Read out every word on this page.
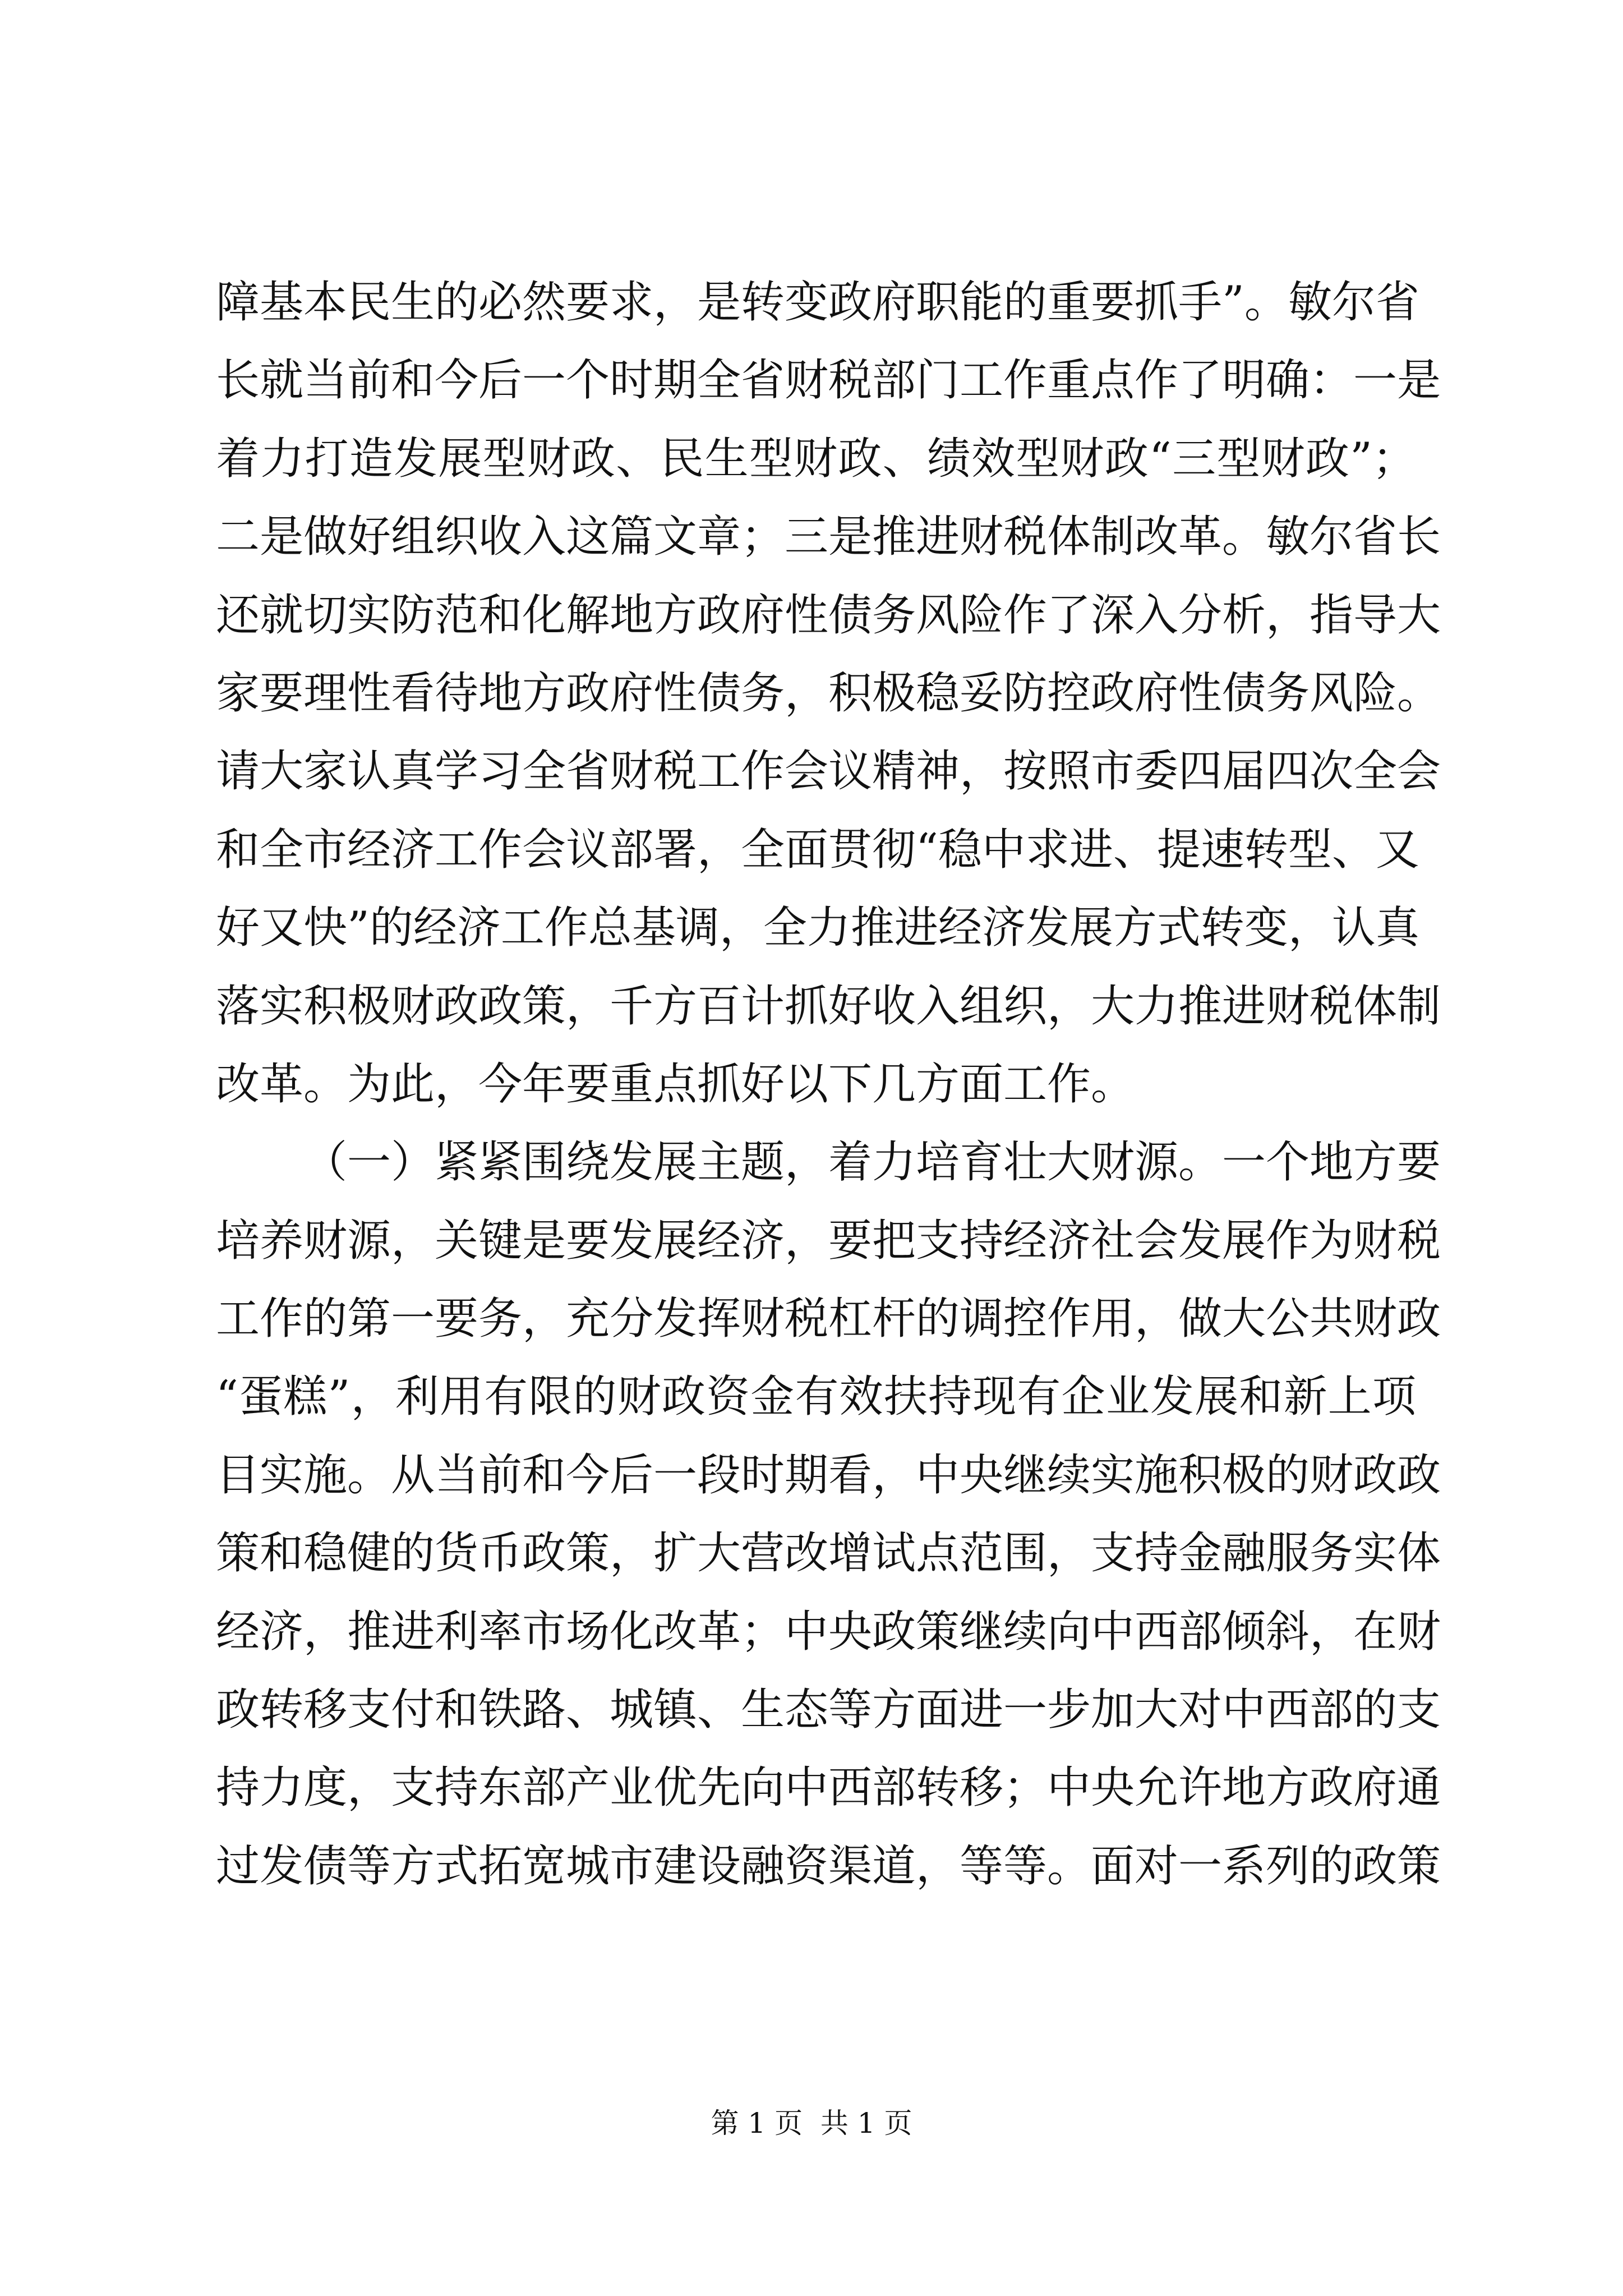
障基本民生的必然要求，是转变政府职能的重要抓手”。敏尔省
长就当前和今后一个时期全省财税部门工作重点作了明确：一是
着力打造发展型财政、民生型财政、绩效型财政“三型财政”；
二是做好组织收入这篇文章；三是推进财税体制改革。敏尔省长
还就切实防范和化解地方政府性债务风险作了深入分析，指导大
家要理性看待地方政府性债务，积极稳妥防控政府性债务风险。
请大家认真学习全省财税工作会议精神，按照市委四届四次全会
和全市经济工作会议部署，全面贯彻“稳中求进、提速转型、又
好又快”的经济工作总基调，全力推进经济发展方式转变，认真
落实积极财政政策，千方百计抓好收入组织，大力推进财税体制
改革。为此，今年要重点抓好以下几方面工作。
（一）紧紧围绕发展主题，着力培育壮大财源。一个地方要
培养财源，关键是要发展经济，要把支持经济社会发展作为财税
工作的第一要务，充分发挥财税杠杆的调控作用，做大公共财政
“蛋糕”，利用有限的财政资金有效扶持现有企业发展和新上项
目实施。从当前和今后一段时期看，中央继续实施积极的财政政
策和稳健的货币政策，扩大营改增试点范围，支持金融服务实体
经济，推进利率市场化改革；中央政策继续向中西部倾斜，在财
政转移支付和铁路、城镇、生态等方面进一步加大对中西部的支
持力度，支持东部产业优先向中西部转移；中央允许地方政府通
过发债等方式拓宽城市建设融资渠道，等等。面对一系列的政策
第 1 页  共 1 页
